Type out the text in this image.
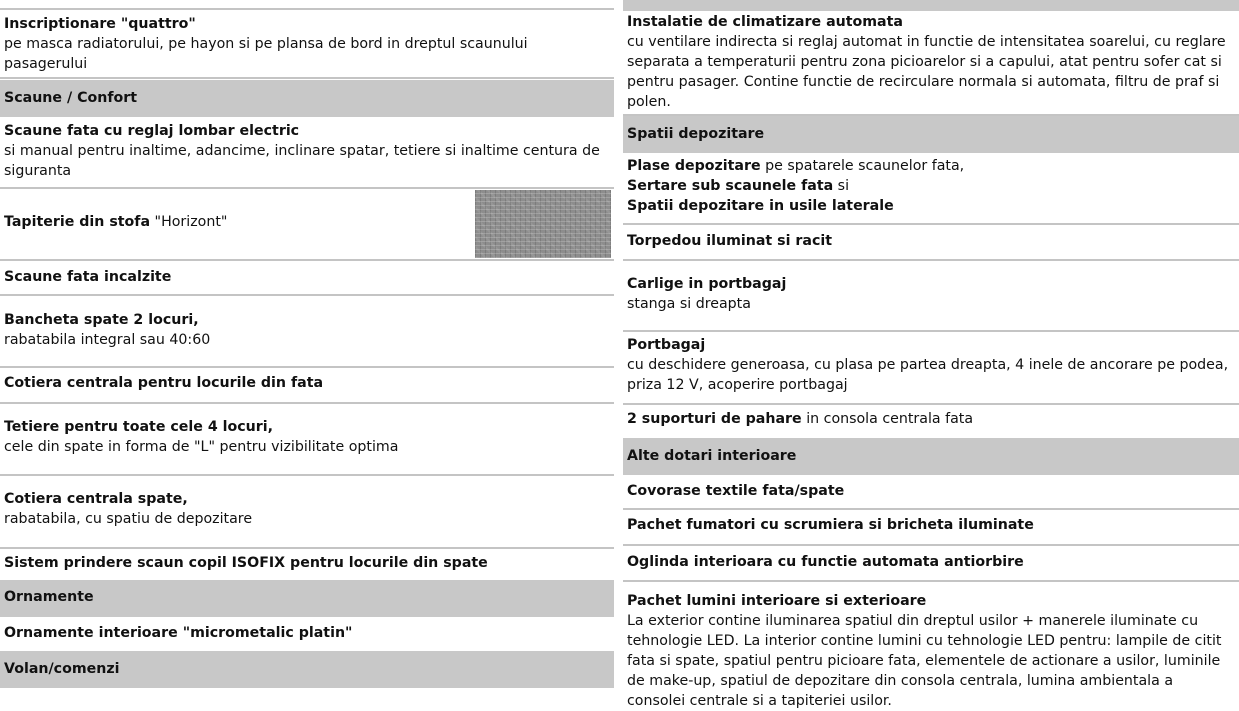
Inscriptionare "quattro"
pe masca radiatorului, pe hayon si pe plansa de bord in dreptul scaunului pasagerului
Scaune / Confort
Scaune fata cu reglaj lombar electric
si manual pentru inaltime, adancime, inclinare spatar, tetiere si inaltime centura de siguranta
Tapiterie din stofa "Horizont"
Scaune fata incalzite
Bancheta spate 2 locuri,
rabatabila integral sau 40:60
Cotiera centrala pentru locurile din fata
Tetiere pentru toate cele 4 locuri,
cele din spate in forma de "L" pentru vizibilitate optima
Cotiera centrala spate,
rabatabila, cu spatiu de depozitare
Sistem prindere scaun copil ISOFIX pentru locurile din spate
Ornamente
Ornamente interioare "micrometalic platin"
Volan/comenzi
Instalatie de climatizare automata
cu ventilare indirecta si reglaj automat in functie de intensitatea soarelui, cu reglare separata a temperaturii pentru zona picioarelor si a capului, atat pentru sofer cat si pentru pasager. Contine functie de recirculare normala si automata, filtru de praf si polen.
Spatii depozitare
Plase depozitare pe spatarele scaunelor fata,
Sertare sub scaunele fata si
Spatii depozitare in usile laterale
Torpedou iluminat si racit
Carlige in portbagaj
stanga si dreapta
Portbagaj
cu deschidere generoasa, cu plasa pe partea dreapta, 4 inele de ancorare pe podea, priza 12 V, acoperire portbagaj
2 suporturi de pahare in consola centrala fata
Alte dotari interioare
Covorase textile fata/spate
Pachet fumatori cu scrumiera si bricheta iluminate
Oglinda interioara cu functie automata antiorbire
Pachet lumini interioare si exterioare
La exterior contine iluminarea spatiul din dreptul usilor + manerele iluminate cu tehnologie LED. La interior contine lumini cu tehnologie LED pentru: lampile de citit fata si spate, spatiul pentru picioare fata, elementele de actionare a usilor, luminile de make-up, spatiul de depozitare din consola centrala, lumina ambientala a consolei centrale si a tapiteriei usilor.
